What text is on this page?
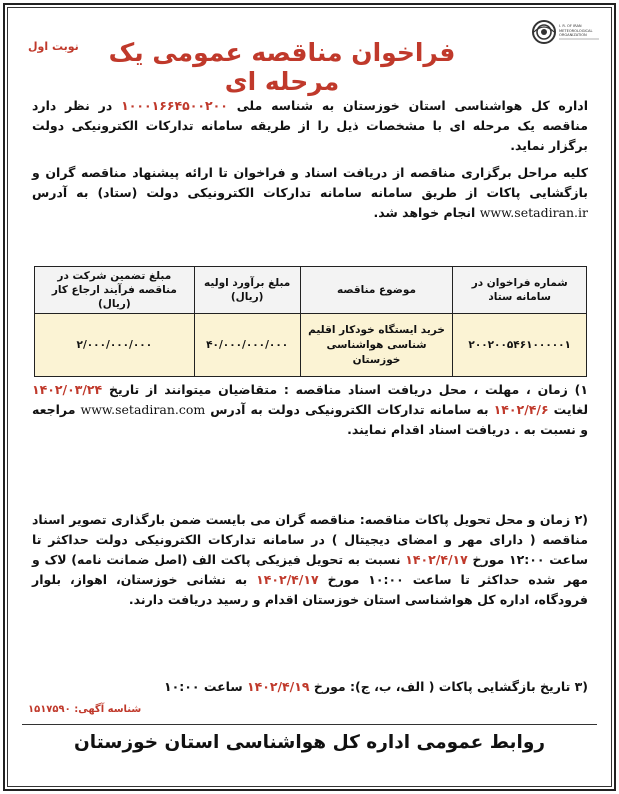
نوبت اول	فراخوان مناقصه عمومی یک مرحله ای
I. R. OF IRAN METEOROLOGICAL ORGANIZATION

اداره کل هواشناسی استان خوزستان به شناسه ملی ۱۰۰۰۱۶۶۴۵۰۰۲۰۰ در نظر دارد مناقصه یک مرحله ای با مشخصات ذیل را از طریقه سامانه تدارکات الکترونیکی دولت برگزار نماید.

کلیه مراحل برگزاری مناقصه از دریافت اسناد و فراخوان تا ارائه پیشنهاد مناقصه گران و بازگشایی پاکات از طریق سامانه سامانه تدارکات الکترونیکی دولت (ستاد) به آدرس www.setadiran.ir انجام خواهد شد.

شماره فراخوان در سامانه ستاد	موضوع مناقصه	مبلغ برآورد اولیه (ریال)	مبلغ تضمین شرکت در مناقصه فرآیند ارجاع کار (ریال)
۲۰۰۲۰۰۵۴۶۱۰۰۰۰۰۱	خرید ایستگاه خودکار اقلیم شناسی هواشناسی خوزستان	۴۰/۰۰۰/۰۰۰/۰۰۰	۲/۰۰۰/۰۰۰/۰۰۰

۱) زمان ، مهلت ، محل دریافت اسناد مناقصه : متقاضیان میتوانند از تاریخ ۱۴۰۲/۰۳/۲۴ لغایت ۱۴۰۲/۴/۶ به سامانه تدارکات الکترونیکی دولت به آدرس www.setadiran.com مراجعه و نسبت به . دریافت اسناد اقدام نمایند.

(۲ زمان و محل تحویل پاکات مناقصه: مناقصه گران می بایست ضمن بارگذاری تصویر اسناد مناقصه ( دارای مهر و امضای دیجیتال ) در سامانه تدارکات الکترونیکی دولت حداکثر تا ساعت ۱۲:۰۰ مورخ ۱۴۰۲/۴/۱۷ نسبت به تحویل فیزیکی پاکت الف (اصل ضمانت نامه) لاک و مهر شده حداکثر تا ساعت ۱۰:۰۰ مورخ ۱۴۰۲/۴/۱۷ به نشانی خوزستان، اهواز، بلوار فرودگاه، اداره کل هواشناسی استان خوزستان اقدام و رسید دریافت دارند.

(۳ تاریخ بازگشایی پاکات ( الف، ب، ج): مورخ ۱۴۰۲/۴/۱۹ ساعت ۱۰:۰۰

شناسه آگهی: ۱۵۱۷۵۹۰
روابط عمومی اداره کل هواشناسی استان خوزستان
